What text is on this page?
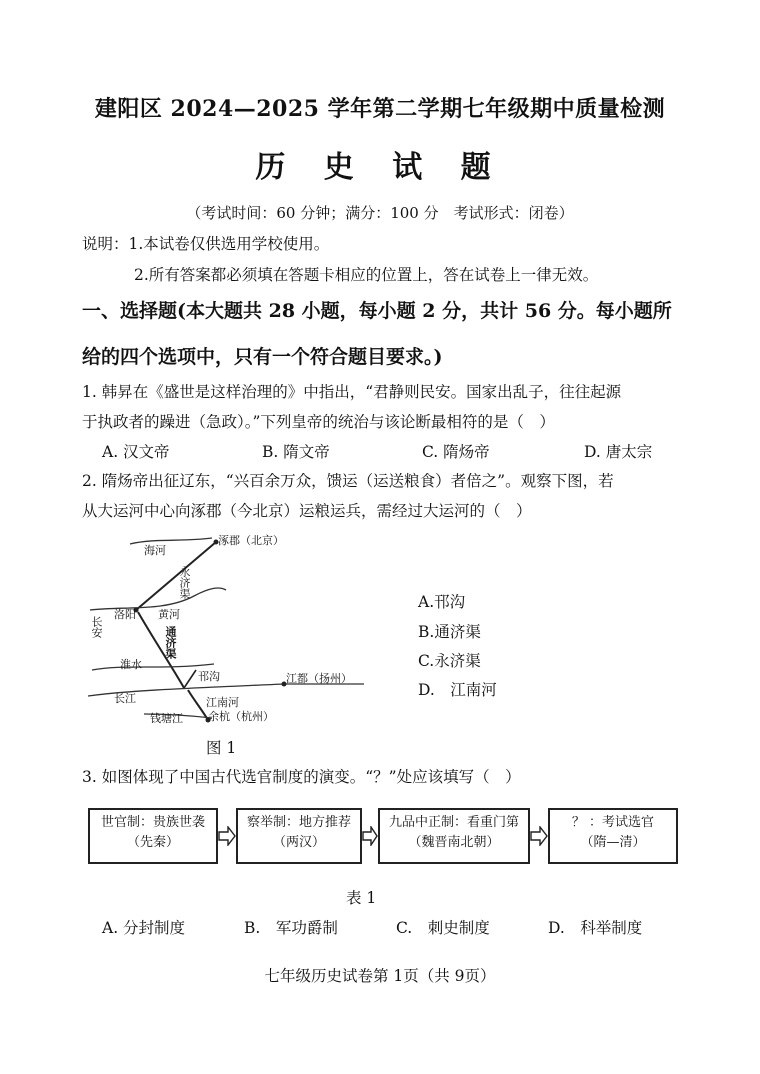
建阳区 2024—2025 学年第二学期七年级期中质量检测
历 史 试 题
（考试时间：60 分钟；满分：100 分　考试形式：闭卷）
说明：1.本试卷仅供选用学校使用。
2.所有答案都必须填在答题卡相应的位置上，答在试卷上一律无效。
一、选择题(本大题共 28 小题，每小题 2 分，共计 56 分。每小题所
给的四个选项中，只有一个符合题目要求。)
1. 韩昇在《盛世是这样治理的》中指出，“君静则民安。国家出乱子，往往起源
于执政者的躁进（急政）。”下列皇帝的统治与该论断最相符的是（　）
A. 汉文帝	B. 隋文帝	C. 隋炀帝	D. 唐太宗
2. 隋炀帝出征辽东，“兴百余万众，馈运（运送粮食）者倍之”。观察下图，若
从大运河中心向涿郡（今北京）运粮运兵，需经过大运河的（　）
涿郡（北京）
海河
永济渠
长安
洛阳 黄河
通济渠
淮水
邗沟	江都（扬州）
长江	江南河
余杭（杭州）
钱塘江
图 1
A.邗沟
B.通济渠
C.永济渠
D.　江南河
3. 如图体现了中国古代选官制度的演变。“？”处应该填写（　）
世官制：贵族世袭
（先秦）
察举制：地方推荐
（两汉）
九品中正制：看重门第
（魏晋南北朝）
？ ：考试选官
（隋—清）
表 1
A. 分封制度	B.　军功爵制	C.　刺史制度	D.　科举制度
七年级历史试卷第 1页（共 9页）
